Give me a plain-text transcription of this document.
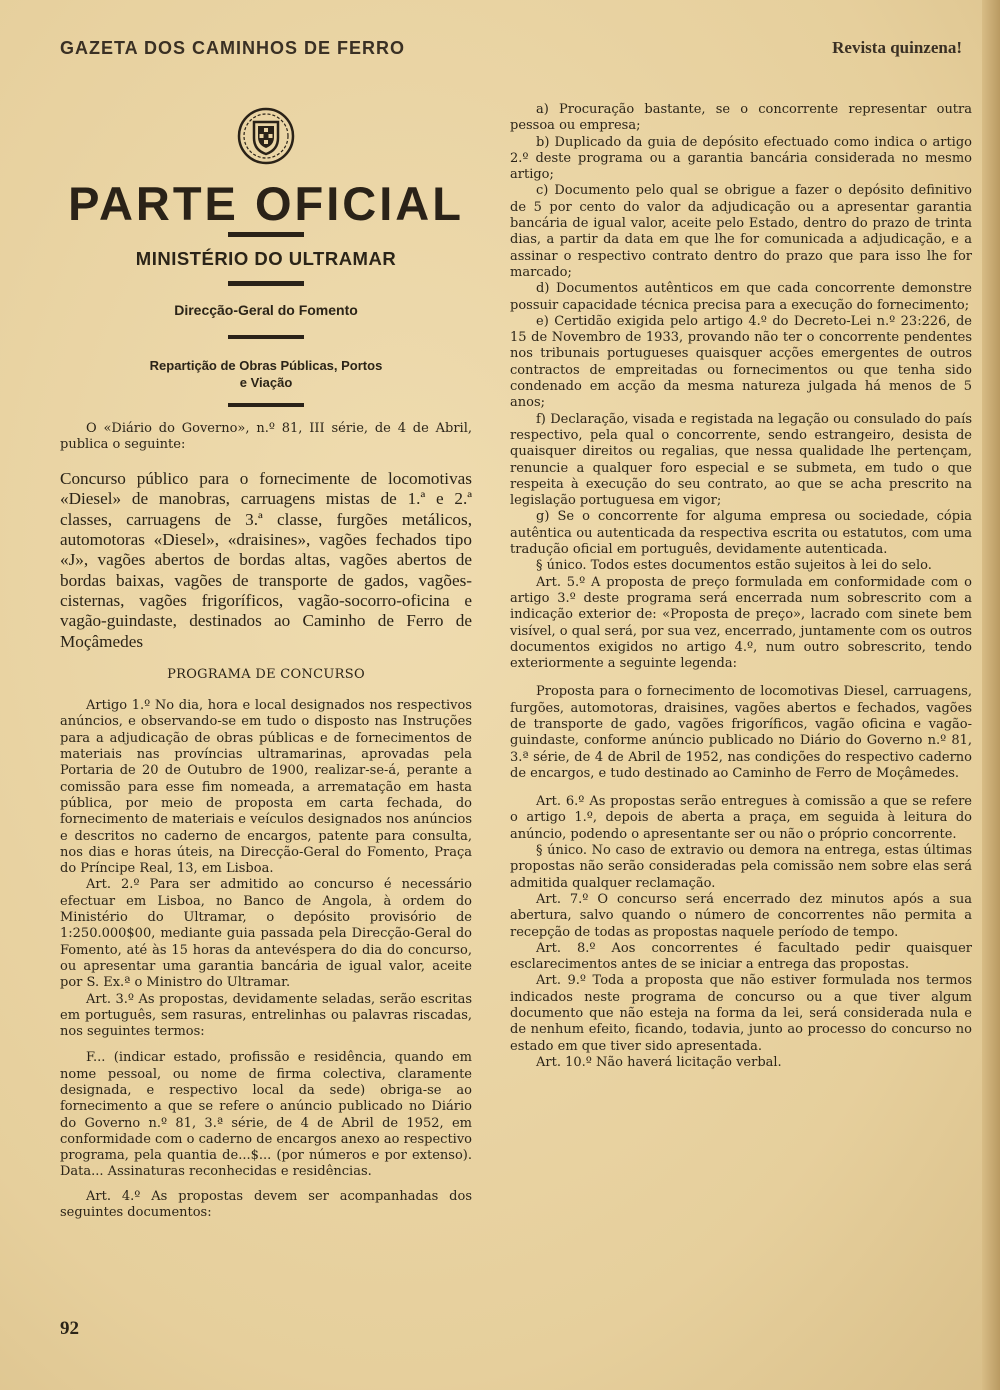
GAZETA DOS CAMINHOS DE FERRO	Revista quinzena!
PARTE OFICIAL
MINISTÉRIO DO ULTRAMAR
Direcção-Geral do Fomento
Repartição de Obras Públicas, Portos
e Viação

O «Diário do Governo», n.º 81, III série, de 4 de Abril, publica o seguinte:

Concurso público para o fornecimente de locomotivas «Diesel» de manobras, carruagens mistas de 1.ª e 2.ª classes, carruagens de 3.ª classe, furgões metálicos, automotoras «Diesel», «draisines», vagões fechados tipo «J», vagões abertos de bordas altas, vagões abertos de bordas baixas, vagões de transporte de gados, vagões-cisternas, vagões frigoríficos, vagão-socorro-oficina e vagão-guindaste, destinados ao Caminho de Ferro de Moçâmedes

PROGRAMA DE CONCURSO

Artigo 1.º No dia, hora e local designados nos respectivos anúncios, e observando-se em tudo o disposto nas Instruções para a adjudicação de obras públicas e de fornecimentos de materiais nas províncias ultramarinas, aprovadas pela Portaria de 20 de Outubro de 1900, realizar-se-á, perante a comissão para esse fim nomeada, a arrematação em hasta pública, por meio de proposta em carta fechada, do fornecimento de materiais e veículos designados nos anúncios e descritos no caderno de encargos, patente para consulta, nos dias e horas úteis, na Direcção-Geral do Fomento, Praça do Príncipe Real, 13, em Lisboa.

Art. 2.º Para ser admitido ao concurso é necessário efectuar em Lisboa, no Banco de Angola, à ordem do Ministério do Ultramar, o depósito provisório de 1:250.000$00, mediante guia passada pela Direcção-Geral do Fomento, até às 15 horas da antevéspera do dia do concurso, ou apresentar uma garantia bancária de igual valor, aceite por S. Ex.ª o Ministro do Ultramar.

Art. 3.º As propostas, devidamente seladas, serão escritas em português, sem rasuras, entrelinhas ou palavras riscadas, nos seguintes termos:

F... (indicar estado, profissão e residência, quando em nome pessoal, ou nome de firma colectiva, claramente designada, e respectivo local da sede) obriga-se ao fornecimento a que se refere o anúncio publicado no Diário do Governo n.º 81, 3.ª série, de 4 de Abril de 1952, em conformidade com o caderno de encargos anexo ao respectivo programa, pela quantia de...$... (por números e por extenso). Data... Assinaturas reconhecidas e residências.

Art. 4.º As propostas devem ser acompanhadas dos seguintes documentos:

a) Procuração bastante, se o concorrente representar outra pessoa ou empresa;

b) Duplicado da guia de depósito efectuado como indica o artigo 2.º deste programa ou a garantia bancária considerada no mesmo artigo;

c) Documento pelo qual se obrigue a fazer o depósito definitivo de 5 por cento do valor da adjudicação ou a apresentar garantia bancária de igual valor, aceite pelo Estado, dentro do prazo de trinta dias, a partir da data em que lhe for comunicada a adjudicação, e a assinar o respectivo contrato dentro do prazo que para isso lhe for marcado;

d) Documentos autênticos em que cada concorrente demonstre possuir capacidade técnica precisa para a execução do fornecimento;

e) Certidão exigida pelo artigo 4.º do Decreto-Lei n.º 23:226, de 15 de Novembro de 1933, provando não ter o concorrente pendentes nos tribunais portugueses quaisquer acções emergentes de outros contractos de empreitadas ou fornecimentos ou que tenha sido condenado em acção da mesma natureza julgada há menos de 5 anos;

f) Declaração, visada e registada na legação ou consulado do país respectivo, pela qual o concorrente, sendo estrangeiro, desista de quaisquer direitos ou regalias, que nessa qualidade lhe pertençam, renuncie a qualquer foro especial e se submeta, em tudo o que respeita à execução do seu contrato, ao que se acha prescrito na legislação portuguesa em vigor;

g) Se o concorrente for alguma empresa ou sociedade, cópia autêntica ou autenticada da respectiva escrita ou estatutos, com uma tradução oficial em português, devidamente autenticada.

§ único. Todos estes documentos estão sujeitos à lei do selo.

Art. 5.º A proposta de preço formulada em conformidade com o artigo 3.º deste programa será encerrada num sobrescrito com a indicação exterior de: «Proposta de preço», lacrado com sinete bem visível, o qual será, por sua vez, encerrado, juntamente com os outros documentos exigidos no artigo 4.º, num outro sobrescrito, tendo exteriormente a seguinte legenda:

Proposta para o fornecimento de locomotivas Diesel, carruagens, furgões, automotoras, draisines, vagões abertos e fechados, vagões de transporte de gado, vagões frigoríficos, vagão oficina e vagão-guindaste, conforme anúncio publicado no Diário do Governo n.º 81, 3.ª série, de 4 de Abril de 1952, nas condições do respectivo caderno de encargos, e tudo destinado ao Caminho de Ferro de Moçâmedes.

Art. 6.º As propostas serão entregues à comissão a que se refere o artigo 1.º, depois de aberta a praça, em seguida à leitura do anúncio, podendo o apresentante ser ou não o próprio concorrente.

§ único. No caso de extravio ou demora na entrega, estas últimas propostas não serão consideradas pela comissão nem sobre elas será admitida qualquer reclamação.

Art. 7.º O concurso será encerrado dez minutos após a sua abertura, salvo quando o número de concorrentes não permita a recepção de todas as propostas naquele período de tempo.

Art. 8.º Aos concorrentes é facultado pedir quaisquer esclarecimentos antes de se iniciar a entrega das propostas.

Art. 9.º Toda a proposta que não estiver formulada nos termos indicados neste programa de concurso ou a que tiver algum documento que não esteja na forma da lei, será considerada nula e de nenhum efeito, ficando, todavia, junto ao processo do concurso no estado em que tiver sido apresentada.

Art. 10.º Não haverá licitação verbal.

92
